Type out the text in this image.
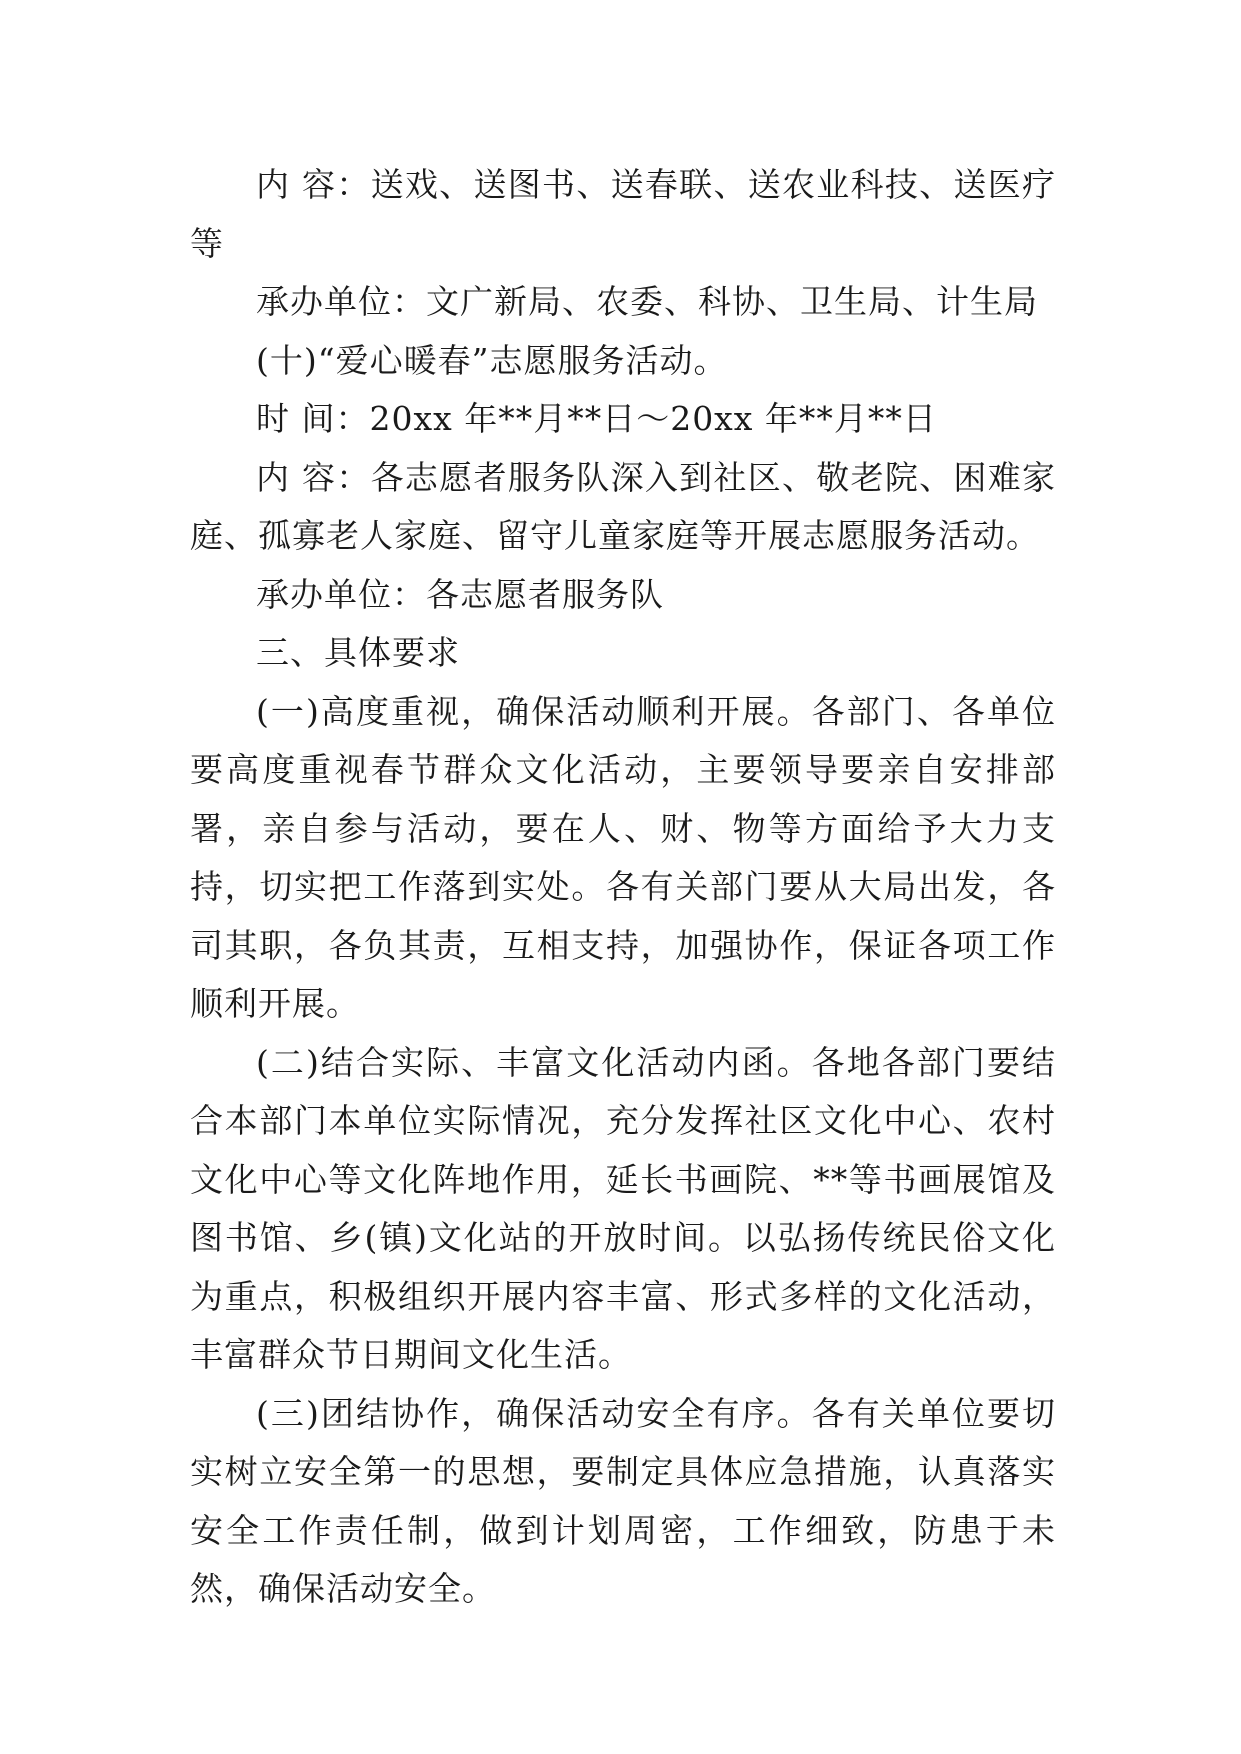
内 容：送戏、送图书、送春联、送农业科技、送医疗等

承办单位：文广新局、农委、科协、卫生局、计生局

(十)“爱心暖春”志愿服务活动。

时 间：20xx 年**月**日～20xx 年**月**日

内 容：各志愿者服务队深入到社区、敬老院、困难家庭、孤寡老人家庭、留守儿童家庭等开展志愿服务活动。

承办单位：各志愿者服务队

三、具体要求

(一)高度重视，确保活动顺利开展。各部门、各单位要高度重视春节群众文化活动，主要领导要亲自安排部署，亲自参与活动，要在人、财、物等方面给予大力支持，切实把工作落到实处。各有关部门要从大局出发，各司其职，各负其责，互相支持，加强协作，保证各项工作顺利开展。

(二)结合实际、丰富文化活动内函。各地各部门要结合本部门本单位实际情况，充分发挥社区文化中心、农村文化中心等文化阵地作用，延长书画院、**等书画展馆及图书馆、乡(镇)文化站的开放时间。以弘扬传统民俗文化为重点，积极组织开展内容丰富、形式多样的文化活动，丰富群众节日期间文化生活。

(三)团结协作，确保活动安全有序。各有关单位要切实树立安全第一的思想，要制定具体应急措施，认真落实安全工作责任制，做到计划周密，工作细致，防患于未然，确保活动安全。
